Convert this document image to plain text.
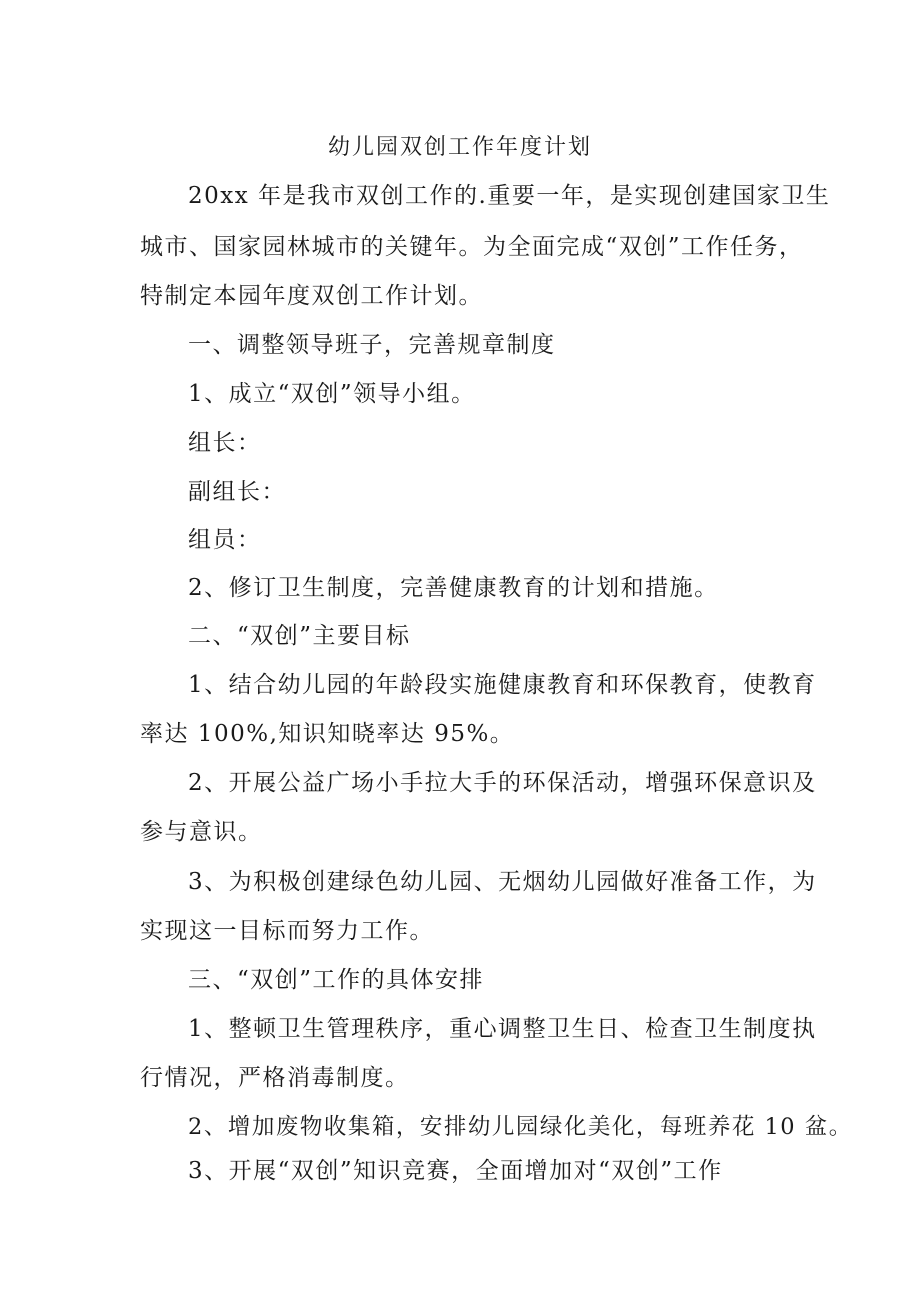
幼儿园双创工作年度计划
20xx 年是我市双创工作的.重要一年，是实现创建国家卫生
城市、国家园林城市的关键年。为全面完成“双创”工作任务，
特制定本园年度双创工作计划。
一、调整领导班子，完善规章制度
1、成立“双创”领导小组。
组长：
副组长：
组员：
2、修订卫生制度，完善健康教育的计划和措施。
二、“双创”主要目标
1、结合幼儿园的年龄段实施健康教育和环保教育，使教育
率达 100%,知识知晓率达 95%。
2、开展公益广场小手拉大手的环保活动，增强环保意识及
参与意识。
3、为积极创建绿色幼儿园、无烟幼儿园做好准备工作，为
实现这一目标而努力工作。
三、“双创”工作的具体安排
1、整顿卫生管理秩序，重心调整卫生日、检查卫生制度执
行情况，严格消毒制度。
2、增加废物收集箱，安排幼儿园绿化美化，每班养花 10 盆。
3、开展“双创”知识竞赛，全面增加对“双创”工作
